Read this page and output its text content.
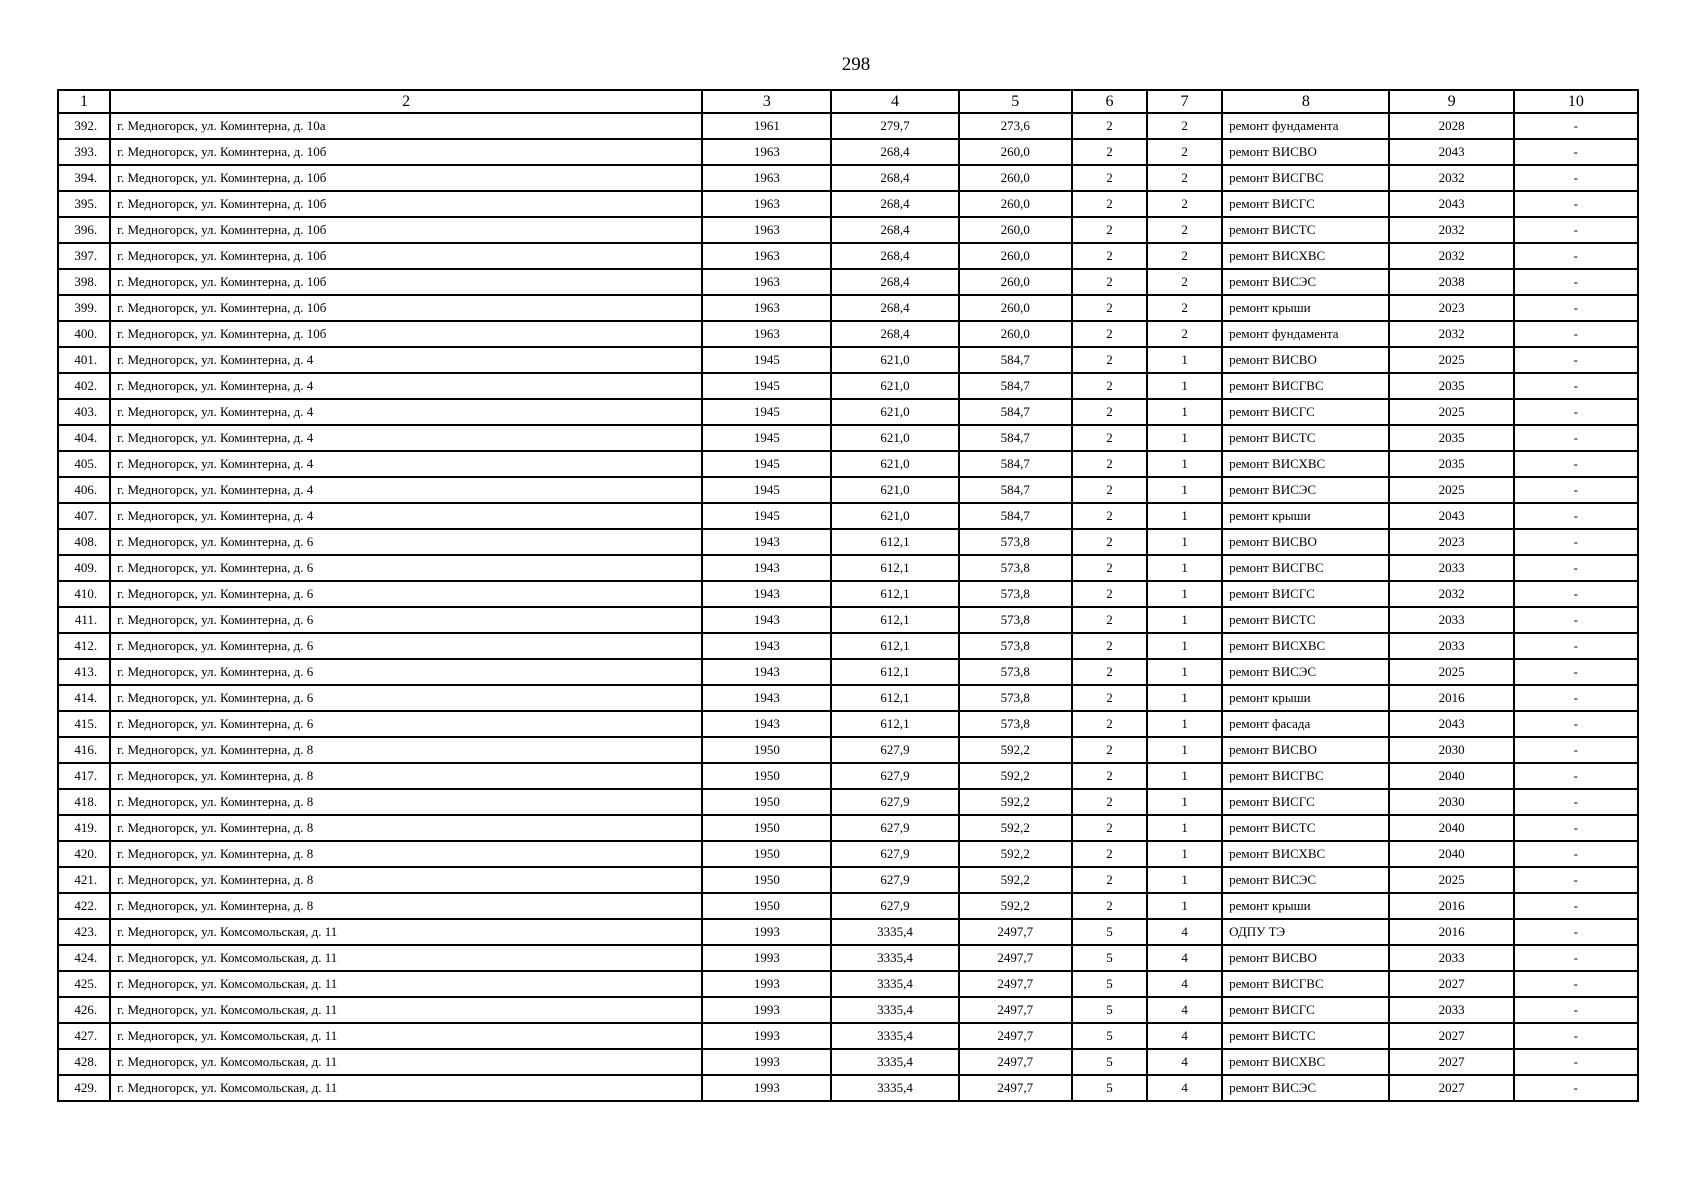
298
1	2	3	4	5	6	7	8	9	10
392.	г. Медногорск, ул. Коминтерна, д. 10а	1961	279,7	273,6	2	2	ремонт фундамента	2028	-
393.	г. Медногорск, ул. Коминтерна, д. 10б	1963	268,4	260,0	2	2	ремонт ВИСВО	2043	-
394.	г. Медногорск, ул. Коминтерна, д. 10б	1963	268,4	260,0	2	2	ремонт ВИСГВС	2032	-
395.	г. Медногорск, ул. Коминтерна, д. 10б	1963	268,4	260,0	2	2	ремонт ВИСГС	2043	-
396.	г. Медногорск, ул. Коминтерна, д. 10б	1963	268,4	260,0	2	2	ремонт ВИСТС	2032	-
397.	г. Медногорск, ул. Коминтерна, д. 10б	1963	268,4	260,0	2	2	ремонт ВИСХВС	2032	-
398.	г. Медногорск, ул. Коминтерна, д. 10б	1963	268,4	260,0	2	2	ремонт ВИСЭС	2038	-
399.	г. Медногорск, ул. Коминтерна, д. 10б	1963	268,4	260,0	2	2	ремонт крыши	2023	-
400.	г. Медногорск, ул. Коминтерна, д. 10б	1963	268,4	260,0	2	2	ремонт фундамента	2032	-
401.	г. Медногорск, ул. Коминтерна, д. 4	1945	621,0	584,7	2	1	ремонт ВИСВО	2025	-
402.	г. Медногорск, ул. Коминтерна, д. 4	1945	621,0	584,7	2	1	ремонт ВИСГВС	2035	-
403.	г. Медногорск, ул. Коминтерна, д. 4	1945	621,0	584,7	2	1	ремонт ВИСГС	2025	-
404.	г. Медногорск, ул. Коминтерна, д. 4	1945	621,0	584,7	2	1	ремонт ВИСТС	2035	-
405.	г. Медногорск, ул. Коминтерна, д. 4	1945	621,0	584,7	2	1	ремонт ВИСХВС	2035	-
406.	г. Медногорск, ул. Коминтерна, д. 4	1945	621,0	584,7	2	1	ремонт ВИСЭС	2025	-
407.	г. Медногорск, ул. Коминтерна, д. 4	1945	621,0	584,7	2	1	ремонт крыши	2043	-
408.	г. Медногорск, ул. Коминтерна, д. 6	1943	612,1	573,8	2	1	ремонт ВИСВО	2023	-
409.	г. Медногорск, ул. Коминтерна, д. 6	1943	612,1	573,8	2	1	ремонт ВИСГВС	2033	-
410.	г. Медногорск, ул. Коминтерна, д. 6	1943	612,1	573,8	2	1	ремонт ВИСГС	2032	-
411.	г. Медногорск, ул. Коминтерна, д. 6	1943	612,1	573,8	2	1	ремонт ВИСТС	2033	-
412.	г. Медногорск, ул. Коминтерна, д. 6	1943	612,1	573,8	2	1	ремонт ВИСХВС	2033	-
413.	г. Медногорск, ул. Коминтерна, д. 6	1943	612,1	573,8	2	1	ремонт ВИСЭС	2025	-
414.	г. Медногорск, ул. Коминтерна, д. 6	1943	612,1	573,8	2	1	ремонт крыши	2016	-
415.	г. Медногорск, ул. Коминтерна, д. 6	1943	612,1	573,8	2	1	ремонт фасада	2043	-
416.	г. Медногорск, ул. Коминтерна, д. 8	1950	627,9	592,2	2	1	ремонт ВИСВО	2030	-
417.	г. Медногорск, ул. Коминтерна, д. 8	1950	627,9	592,2	2	1	ремонт ВИСГВС	2040	-
418.	г. Медногорск, ул. Коминтерна, д. 8	1950	627,9	592,2	2	1	ремонт ВИСГС	2030	-
419.	г. Медногорск, ул. Коминтерна, д. 8	1950	627,9	592,2	2	1	ремонт ВИСТС	2040	-
420.	г. Медногорск, ул. Коминтерна, д. 8	1950	627,9	592,2	2	1	ремонт ВИСХВС	2040	-
421.	г. Медногорск, ул. Коминтерна, д. 8	1950	627,9	592,2	2	1	ремонт ВИСЭС	2025	-
422.	г. Медногорск, ул. Коминтерна, д. 8	1950	627,9	592,2	2	1	ремонт крыши	2016	-
423.	г. Медногорск, ул. Комсомольская, д. 11	1993	3335,4	2497,7	5	4	ОДПУ ТЭ	2016	-
424.	г. Медногорск, ул. Комсомольская, д. 11	1993	3335,4	2497,7	5	4	ремонт ВИСВО	2033	-
425.	г. Медногорск, ул. Комсомольская, д. 11	1993	3335,4	2497,7	5	4	ремонт ВИСГВС	2027	-
426.	г. Медногорск, ул. Комсомольская, д. 11	1993	3335,4	2497,7	5	4	ремонт ВИСГС	2033	-
427.	г. Медногорск, ул. Комсомольская, д. 11	1993	3335,4	2497,7	5	4	ремонт ВИСТС	2027	-
428.	г. Медногорск, ул. Комсомольская, д. 11	1993	3335,4	2497,7	5	4	ремонт ВИСХВС	2027	-
429.	г. Медногорск, ул. Комсомольская, д. 11	1993	3335,4	2497,7	5	4	ремонт ВИСЭС	2027	-
